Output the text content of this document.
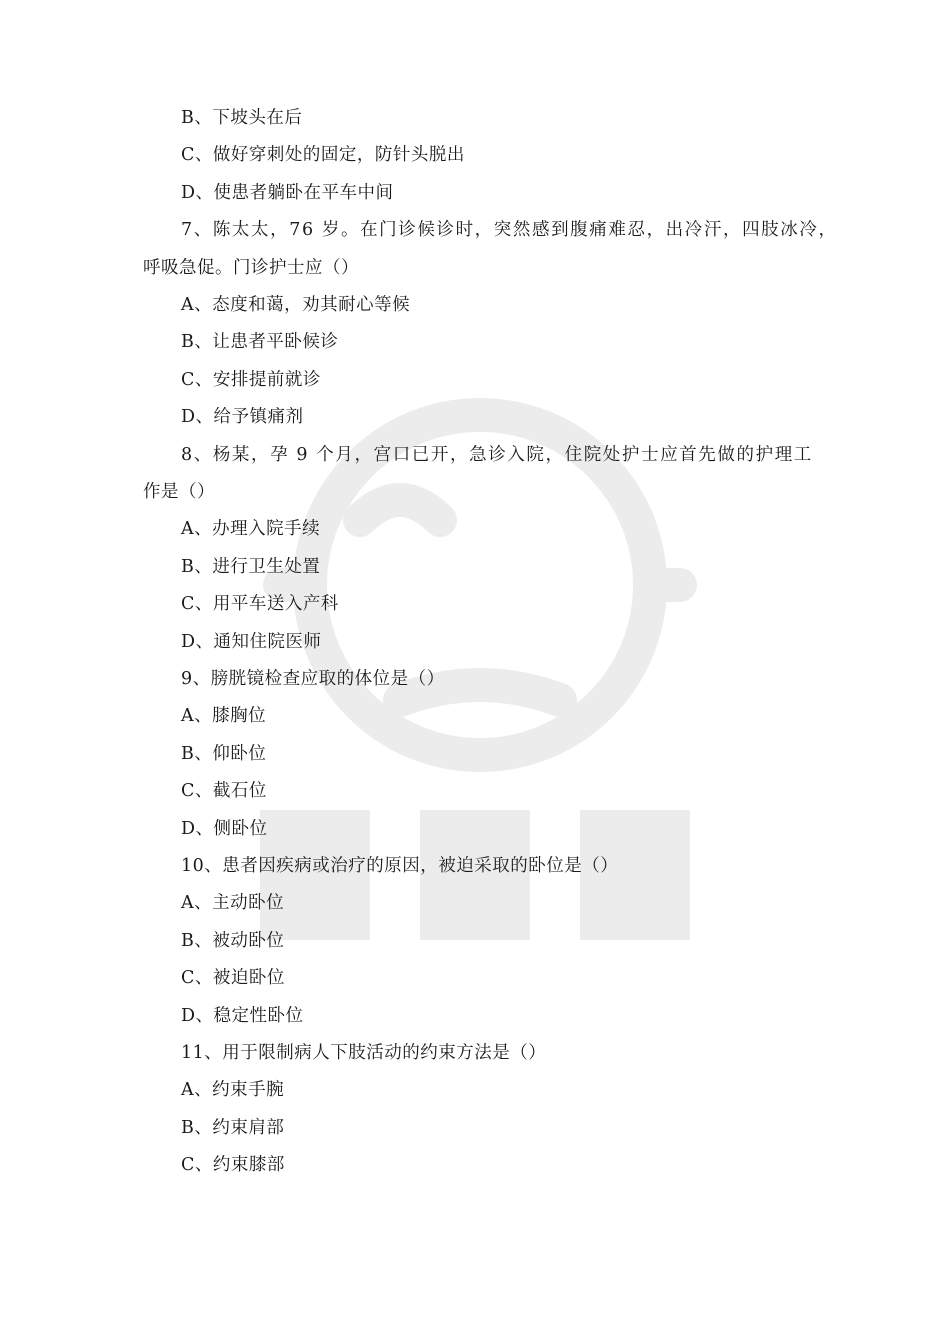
B、下坡头在后
C、做好穿刺处的固定，防针头脱出
D、使患者躺卧在平车中间
7、陈太太，76 岁。在门诊候诊时，突然感到腹痛难忍，出冷汗，四肢冰冷，
呼吸急促。门诊护士应（）
A、态度和蔼，劝其耐心等候
B、让患者平卧候诊
C、安排提前就诊
D、给予镇痛剂
8、杨某，孕 9 个月，宫口已开，急诊入院，住院处护士应首先做的护理工
作是（）
A、办理入院手续
B、进行卫生处置
C、用平车送入产科
D、通知住院医师
9、膀胱镜检查应取的体位是（）
A、膝胸位
B、仰卧位
C、截石位
D、侧卧位
10、患者因疾病或治疗的原因，被迫采取的卧位是（）
A、主动卧位
B、被动卧位
C、被迫卧位
D、稳定性卧位
11、用于限制病人下肢活动的约束方法是（）
A、约束手腕
B、约束肩部
C、约束膝部
